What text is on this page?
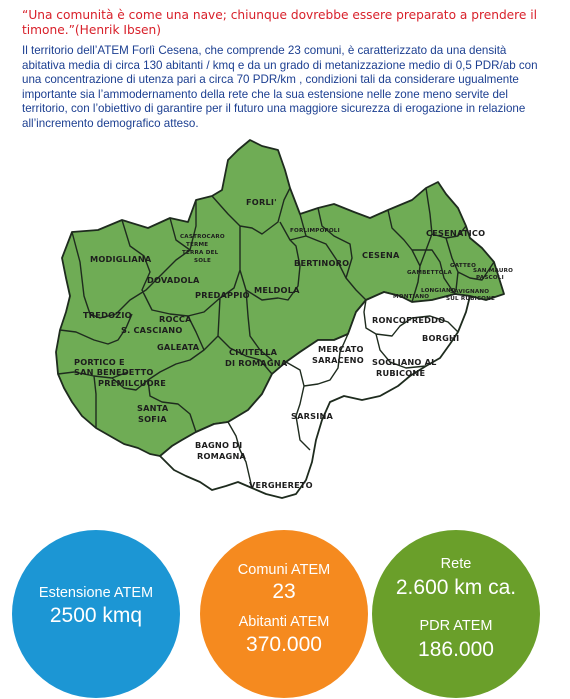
“Una comunità è come una nave; chiunque dovrebbe essere preparato a prendere il timone.”(Henrik Ibsen)
Il territorio dell’ATEM Forlì Cesena, che comprende 23 comuni, è caratterizzato da una densità abitativa media di circa 130 abitanti / kmq e da un grado di metanizzazione medio di 0,5 PDR/ab con una concentrazione di utenza pari a circa 70 PDR/km , condizioni tali da considerare ugualmente importante sia l’ammodernamento della rete che la sua estensione nelle zone meno servite del territorio, con l’obiettivo di garantire per il futuro una maggiore sicurezza di erogazione in relazione all’incremento demografico atteso.
FORLI'
FORLIMPOPOLI
CASTROCARO
TERME
TERRA DEL
SOLE
MODIGLIANA
DOVADOLA
PREDAPPIO MELDOLA
BERTINORO
CESENA
CESENATICO
GATTEO
GAMBETTOLA
LONGIANO
MONTIANO
SAN MAURO
PASCOLI
SAVIGNANO
SUL RUBICONE
RONCOFREDDO
BORGHI
SOGLIANO AL
RUBICONE
MERCATO
SARACENO
TREDOZIO	ROCCA
S. CASCIANO
PORTICO E
SAN BENEDETTO
PREMILCUORE
GALEATA	CIVITELLA
DI ROMAGNA
SANTA
SOFIA	SARSINA
BAGNO DI
ROMAGNA
VERGHERETO
Estensione ATEM
2500 kmq
Comuni ATEM
23
Abitanti ATEM
370.000
Rete
2.600 km ca.
PDR ATEM
186.000
